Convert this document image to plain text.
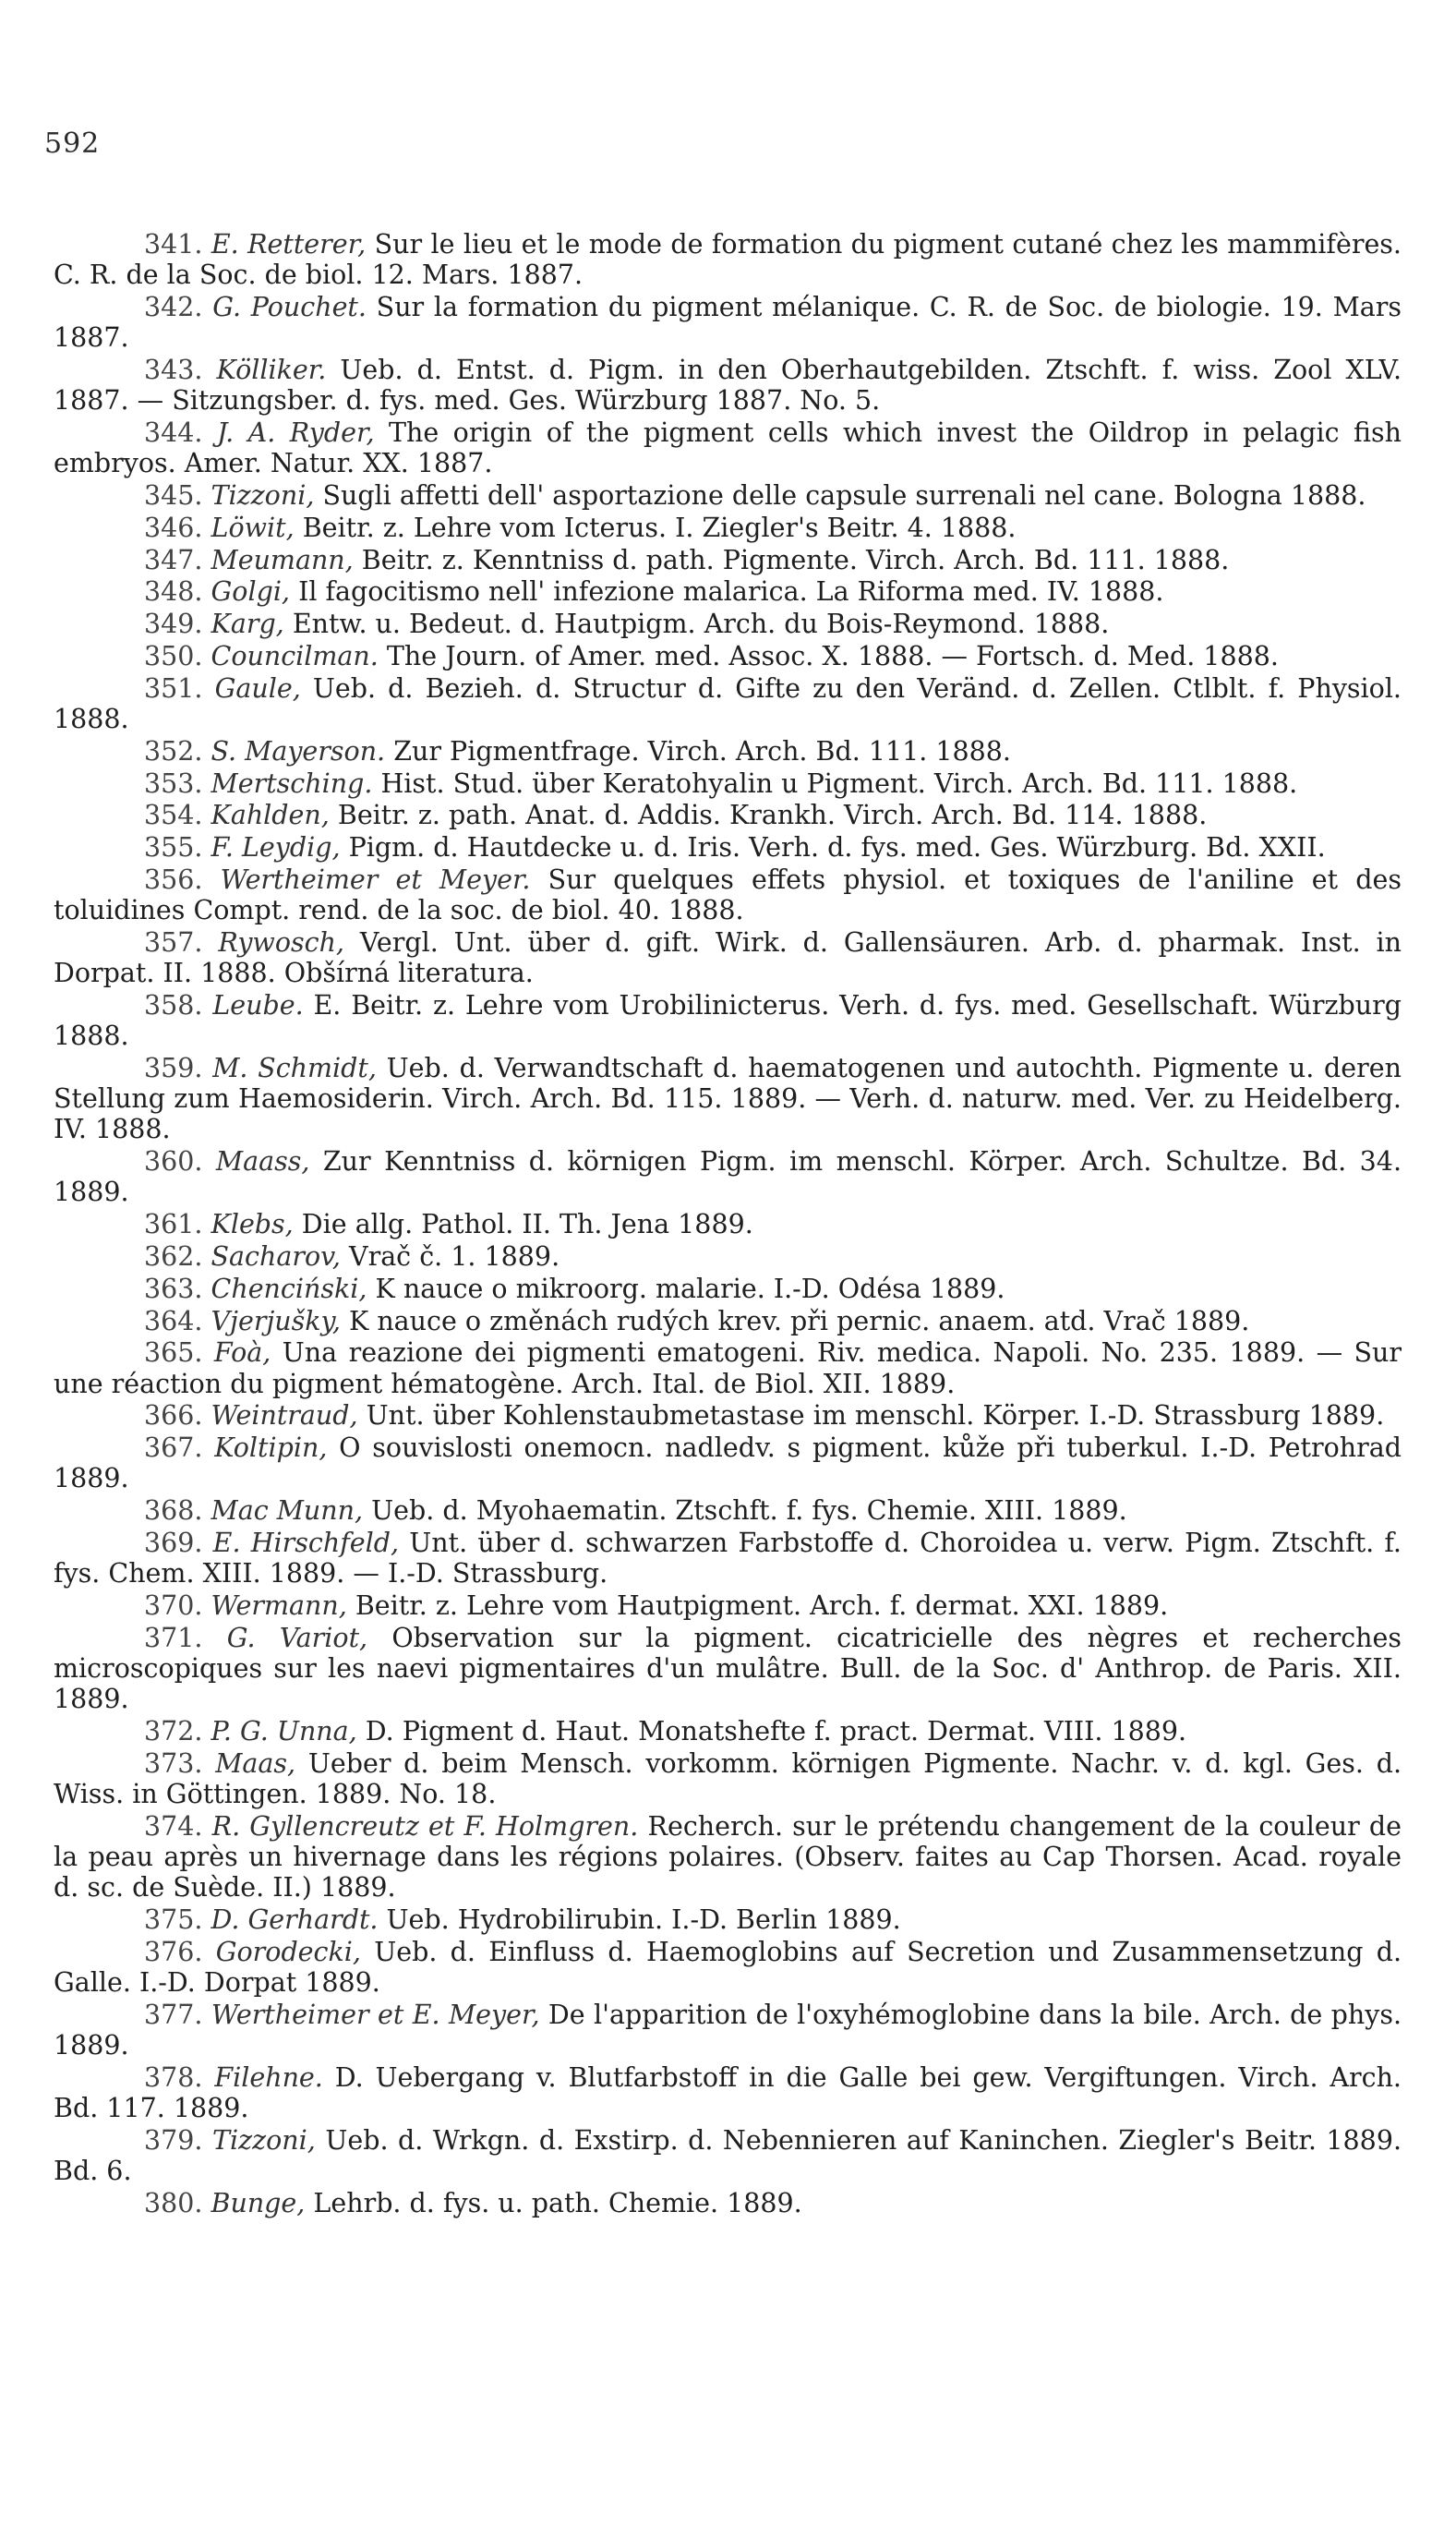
592

341. E. Retterer, Sur le lieu et le mode de formation du pigment cutané chez les mammifères. C. R. de la Soc. de biol. 12. Mars. 1887.

342. G. Pouchet. Sur la formation du pigment mélanique. C. R. de Soc. de biologie. 19. Mars 1887.

343. Kölliker. Ueb. d. Entst. d. Pigm. in den Oberhautgebilden. Ztschft. f. wiss. Zool XLV. 1887. — Sitzungsber. d. fys. med. Ges. Würzburg 1887. No. 5.

344. J. A. Ryder, The origin of the pigment cells which invest the Oildrop in pelagic fish embryos. Amer. Natur. XX. 1887.

345. Tizzoni, Sugli affetti dell' asportazione delle capsule surrenali nel cane. Bologna 1888.

346. Löwit, Beitr. z. Lehre vom Icterus. I. Ziegler's Beitr. 4. 1888.

347. Meumann, Beitr. z. Kenntniss d. path. Pigmente. Virch. Arch. Bd. 111. 1888.

348. Golgi, Il fagocitismo nell' infezione malarica. La Riforma med. IV. 1888.

349. Karg, Entw. u. Bedeut. d. Hautpigm. Arch. du Bois-Reymond. 1888.

350. Councilman. The Journ. of Amer. med. Assoc. X. 1888. — Fortsch. d. Med. 1888.

351. Gaule, Ueb. d. Bezieh. d. Structur d. Gifte zu den Veränd. d. Zellen. Ctlblt. f. Physiol. 1888.

352. S. Mayerson. Zur Pigmentfrage. Virch. Arch. Bd. 111. 1888.

353. Mertsching. Hist. Stud. über Keratohyalin u Pigment. Virch. Arch. Bd. 111. 1888.

354. Kahlden, Beitr. z. path. Anat. d. Addis. Krankh. Virch. Arch. Bd. 114. 1888.

355. F. Leydig, Pigm. d. Hautdecke u. d. Iris. Verh. d. fys. med. Ges. Würzburg. Bd. XXII.

356. Wertheimer et Meyer. Sur quelques effets physiol. et toxiques de l'aniline et des toluidines Compt. rend. de la soc. de biol. 40. 1888.

357. Rywosch, Vergl. Unt. über d. gift. Wirk. d. Gallensäuren. Arb. d. pharmak. Inst. in Dorpat. II. 1888. Obšírná literatura.

358. Leube. E. Beitr. z. Lehre vom Urobilinicterus. Verh. d. fys. med. Gesellschaft. Würzburg 1888.

359. M. Schmidt, Ueb. d. Verwandtschaft d. haematogenen und autochth. Pigmente u. deren Stellung zum Haemosiderin. Virch. Arch. Bd. 115. 1889. — Verh. d. naturw. med. Ver. zu Heidelberg. IV. 1888.

360. Maass, Zur Kenntniss d. körnigen Pigm. im menschl. Körper. Arch. Schultze. Bd. 34. 1889.

361. Klebs, Die allg. Pathol. II. Th. Jena 1889.

362. Sacharov, Vrač č. 1. 1889.

363. Chenciński, K nauce o mikroorg. malarie. I.-D. Odésa 1889.

364. Vjerjušky, K nauce o změnách rudých krev. při pernic. anaem. atd. Vrač 1889.

365. Foà, Una reazione dei pigmenti ematogeni. Riv. medica. Napoli. No. 235. 1889. — Sur une réaction du pigment hématogène. Arch. Ital. de Biol. XII. 1889.

366. Weintraud, Unt. über Kohlenstaubmetastase im menschl. Körper. I.-D. Strassburg 1889.

367. Koltipin, O souvislosti onemocn. nadledv. s pigment. kůže při tuberkul. I.-D. Petrohrad 1889.

368. Mac Munn, Ueb. d. Myohaematin. Ztschft. f. fys. Chemie. XIII. 1889.

369. E. Hirschfeld, Unt. über d. schwarzen Farbstoffe d. Choroidea u. verw. Pigm. Ztschft. f. fys. Chem. XIII. 1889. — I.-D. Strassburg.

370. Wermann, Beitr. z. Lehre vom Hautpigment. Arch. f. dermat. XXI. 1889.

371. G. Variot, Observation sur la pigment. cicatricielle des nègres et recherches microscopiques sur les naevi pigmentaires d'un mulâtre. Bull. de la Soc. d' Anthrop. de Paris. XII. 1889.

372. P. G. Unna, D. Pigment d. Haut. Monatshefte f. pract. Dermat. VIII. 1889.

373. Maas, Ueber d. beim Mensch. vorkomm. körnigen Pigmente. Nachr. v. d. kgl. Ges. d. Wiss. in Göttingen. 1889. No. 18.

374. R. Gyllencreutz et F. Holmgren. Recherch. sur le prétendu changement de la couleur de la peau après un hivernage dans les régions polaires. (Observ. faites au Cap Thorsen. Acad. royale d. sc. de Suède. II.) 1889.

375. D. Gerhardt. Ueb. Hydrobilirubin. I.-D. Berlin 1889.

376. Gorodecki, Ueb. d. Einfluss d. Haemoglobins auf Secretion und Zusammensetzung d. Galle. I.-D. Dorpat 1889.

377. Wertheimer et E. Meyer, De l'apparition de l'oxyhémoglobine dans la bile. Arch. de phys. 1889.

378. Filehne. D. Uebergang v. Blutfarbstoff in die Galle bei gew. Vergiftungen. Virch. Arch. Bd. 117. 1889.

379. Tizzoni, Ueb. d. Wrkgn. d. Exstirp. d. Nebennieren auf Kaninchen. Ziegler's Beitr. 1889. Bd. 6.

380. Bunge, Lehrb. d. fys. u. path. Chemie. 1889.
